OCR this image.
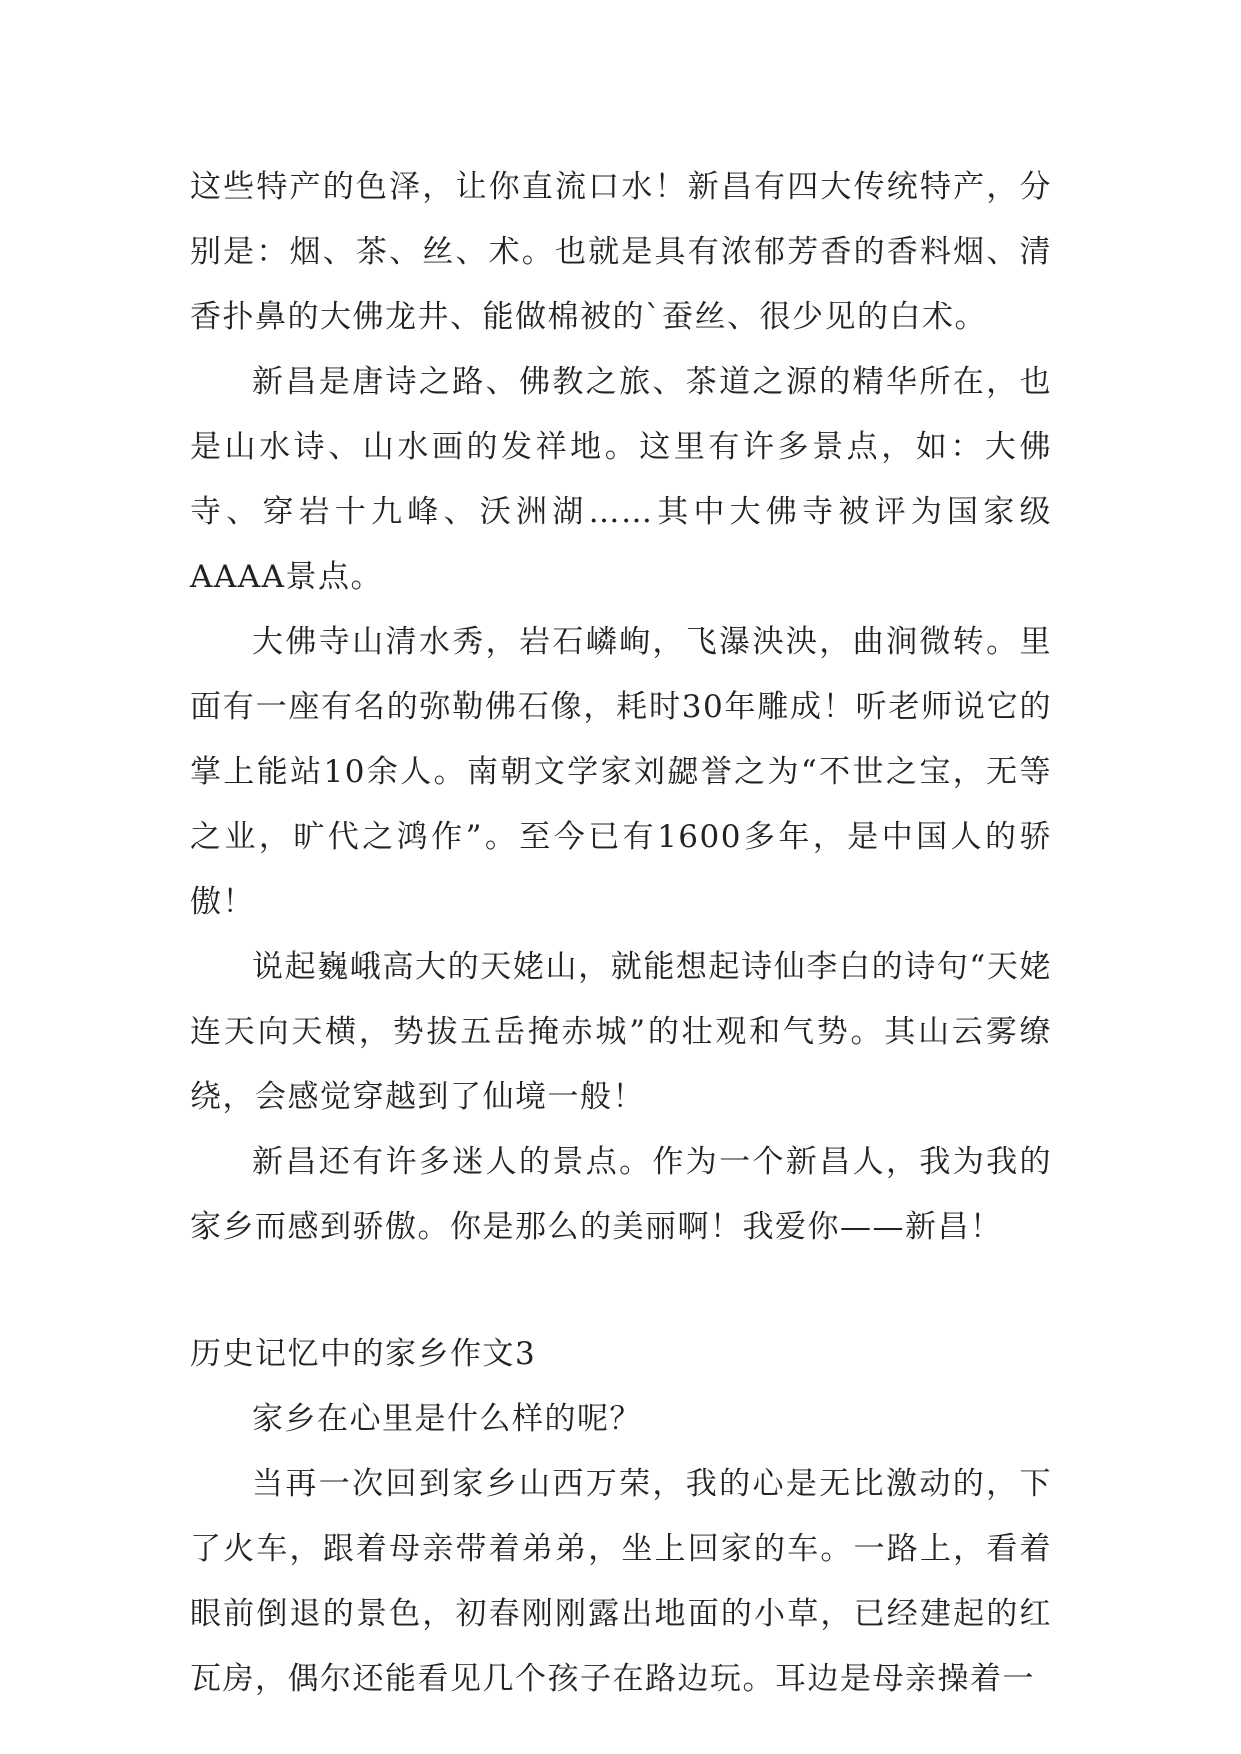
这些特产的色泽，让你直流口水！新昌有四大传统特产，分别是：烟、茶、丝、术。也就是具有浓郁芳香的香料烟、清香扑鼻的大佛龙井、能做棉被的`蚕丝、很少见的白术。

新昌是唐诗之路、佛教之旅、茶道之源的精华所在，也是山水诗、山水画的发祥地。这里有许多景点，如：大佛寺、穿岩十九峰、沃洲湖……其中大佛寺被评为国家级AAAA景点。

大佛寺山清水秀，岩石嶙峋，飞瀑泱泱，曲涧微转。里面有一座有名的弥勒佛石像，耗时30年雕成！听老师说它的掌上能站10余人。南朝文学家刘勰誉之为“不世之宝，无等之业，旷代之鸿作”。至今已有1600多年，是中国人的骄傲！

说起巍峨高大的天姥山，就能想起诗仙李白的诗句“天姥连天向天横，势拔五岳掩赤城”的壮观和气势。其山云雾缭绕，会感觉穿越到了仙境一般！

新昌还有许多迷人的景点。作为一个新昌人，我为我的家乡而感到骄傲。你是那么的美丽啊！我爱你——新昌！

历史记忆中的家乡作文3

家乡在心里是什么样的呢？

当再一次回到家乡山西万荣，我的心是无比激动的，下了火车，跟着母亲带着弟弟，坐上回家的车。一路上，看着眼前倒退的景色，初春刚刚露出地面的小草，已经建起的红瓦房，偶尔还能看见几个孩子在路边玩。耳边是母亲操着一
